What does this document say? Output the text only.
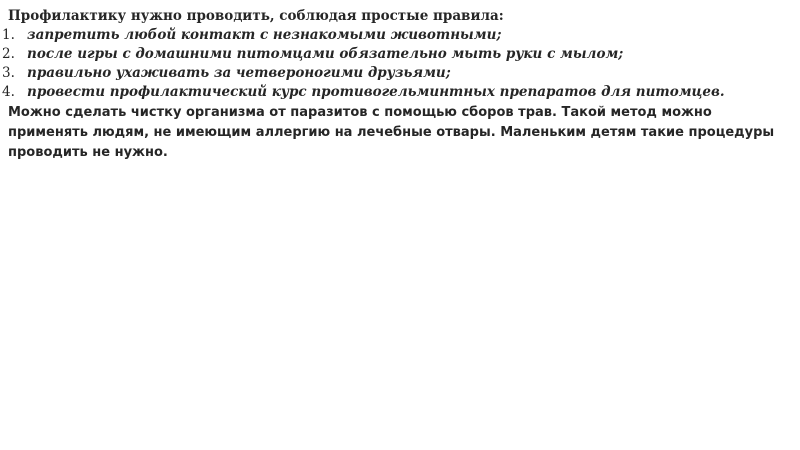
Профилактику нужно проводить, соблюдая простые правила:

1. запретить любой контакт с незнакомыми животными;
2. после игры с домашними питомцами обязательно мыть руки с мылом;
3. правильно ухаживать за четвероногими друзьями;
4. провести профилактический курс противогельминтных препаратов для питомцев.

Можно сделать чистку организма от паразитов с помощью сборов трав. Такой метод можно применять людям, не имеющим аллергию на лечебные отвары. Маленьким детям такие процедуры проводить не нужно.
